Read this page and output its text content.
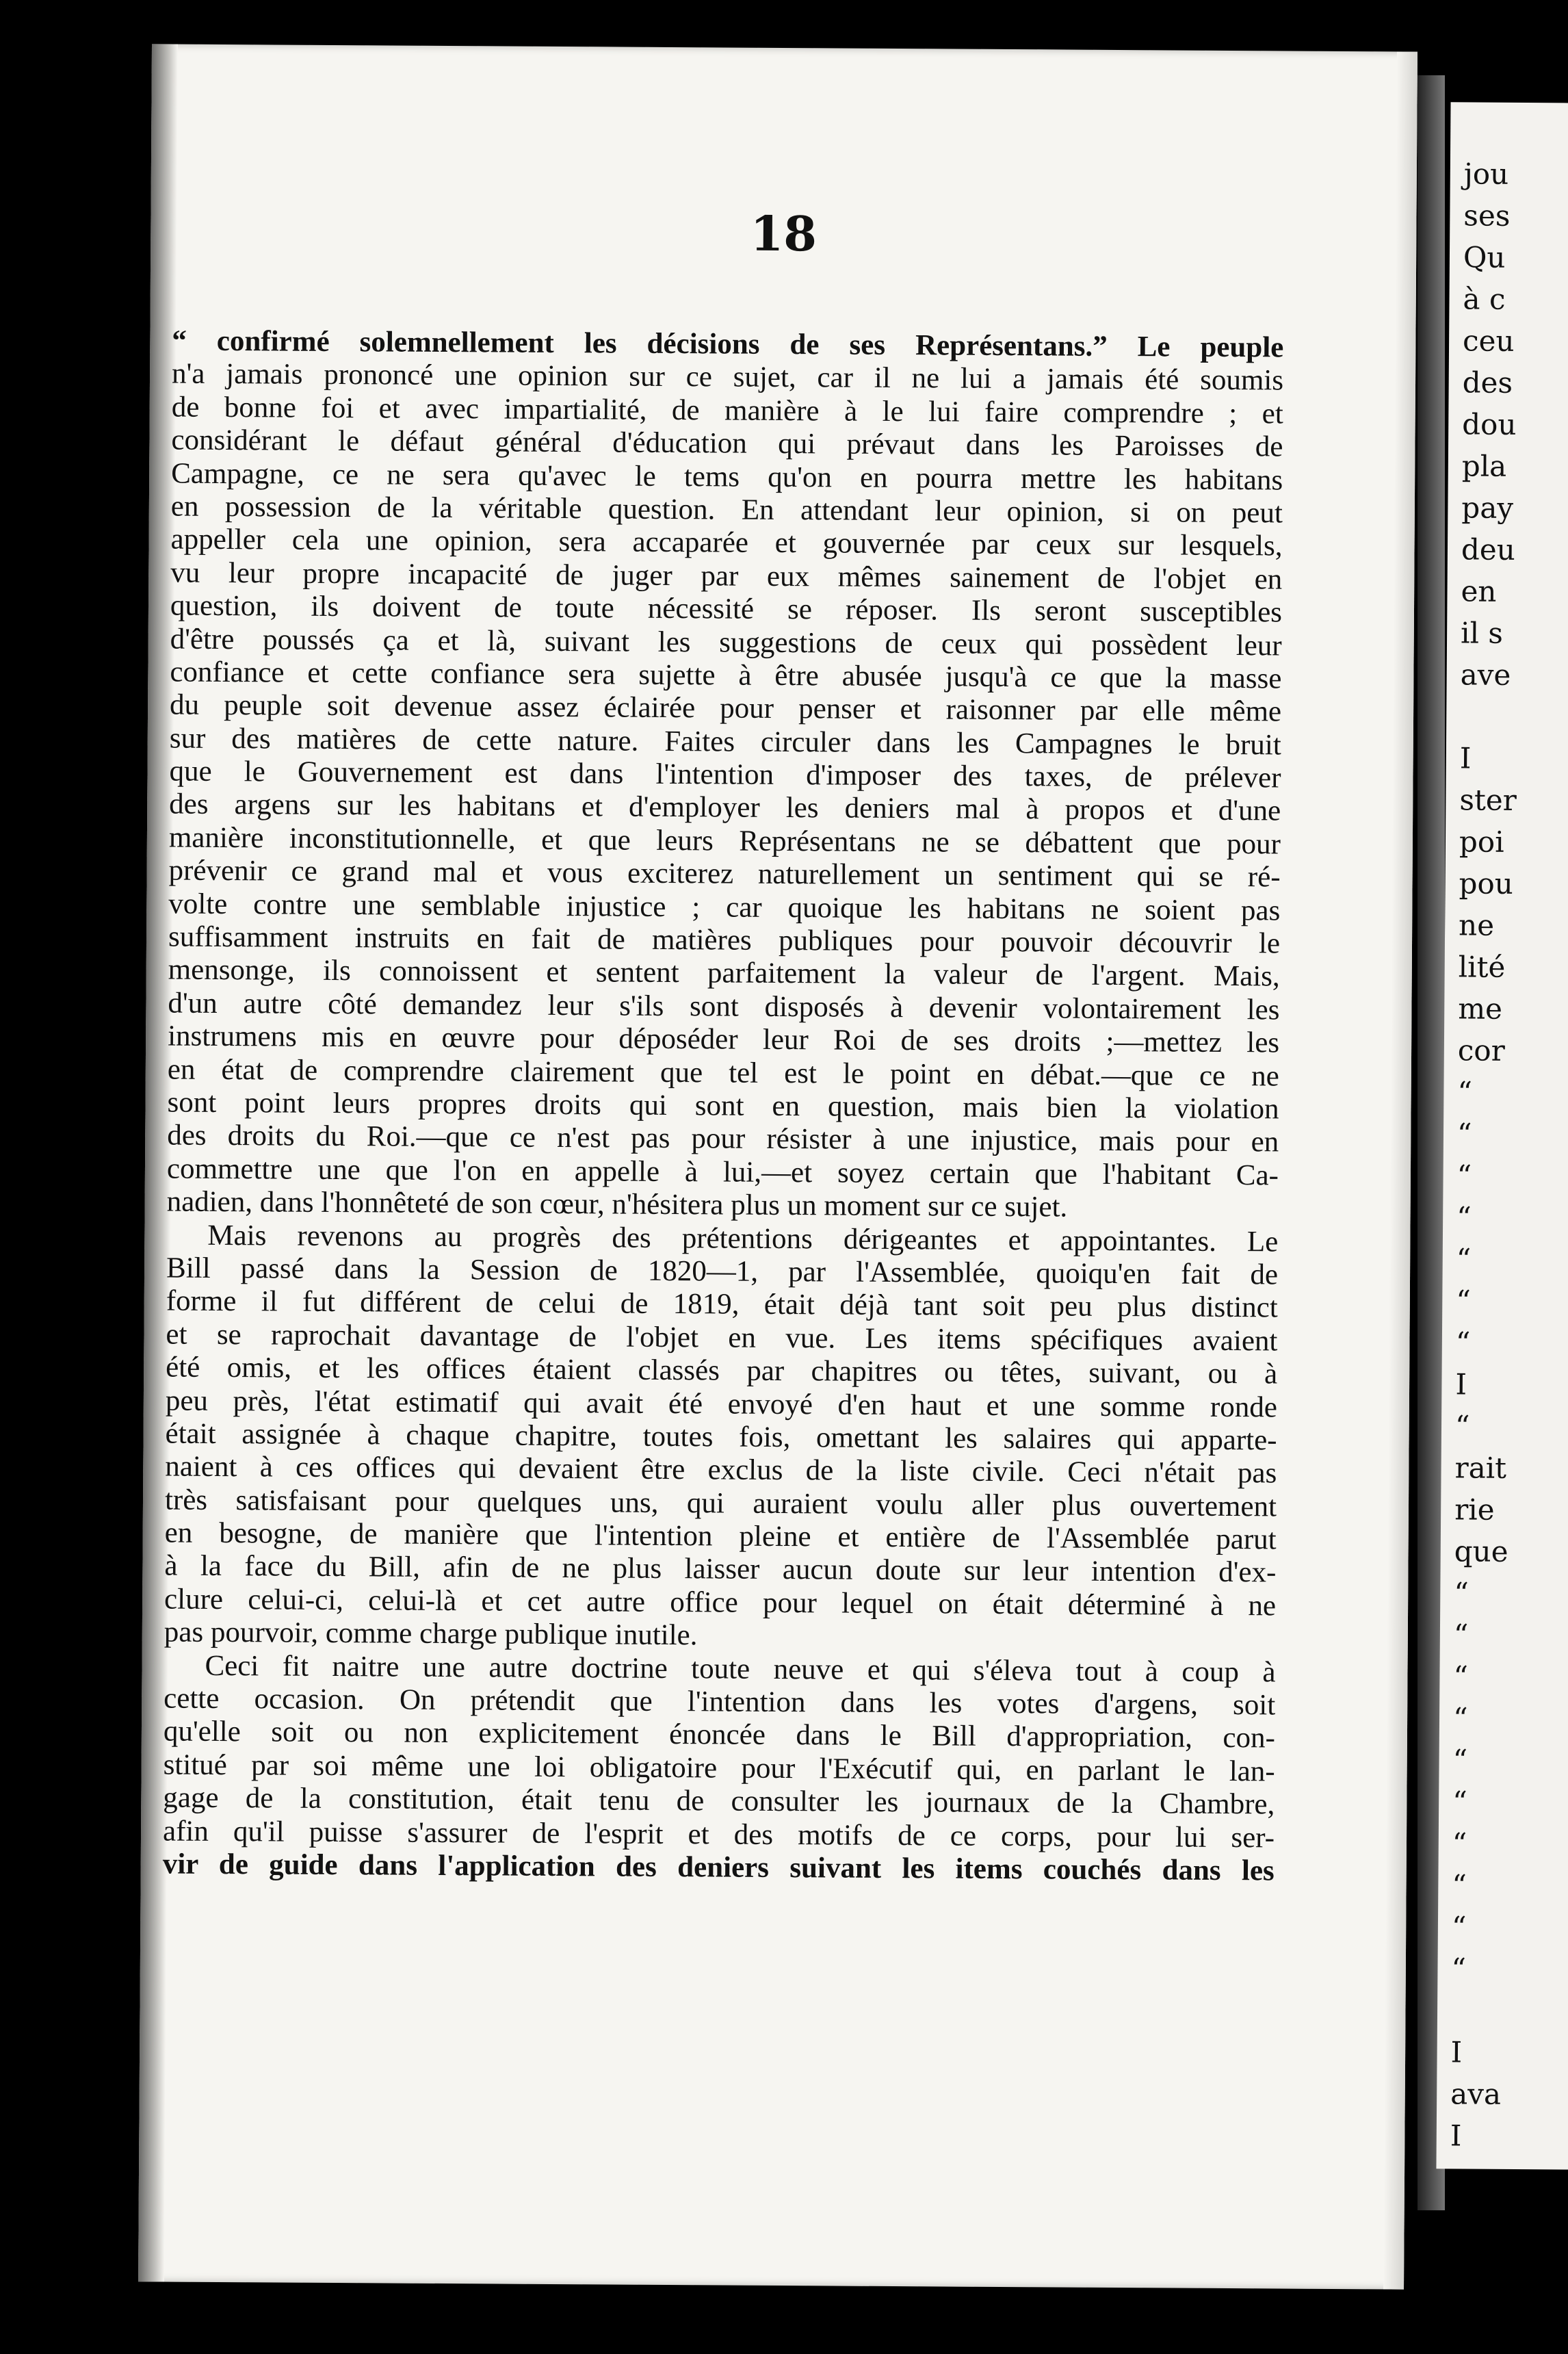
jou
ses
Qu
à c
ceu
des
dou
pla
pay
deu
en
il s
ave
I
ster
poi
pou
ne
lité
me
cor
“
“
“
“
“
“
“
I
“
rait
rie
que
“
“
“
“
“
“
“
“
“
“
I
ava
I
18
“ confirmé solemnellement les décisions de ses Représentans.” Le peuple
n'a jamais prononcé une opinion sur ce sujet, car il ne lui a jamais été soumis
de bonne foi et avec impartialité, de manière à le lui faire comprendre ; et
considérant le défaut général d'éducation qui prévaut dans les Paroisses de
Campagne, ce ne sera qu'avec le tems qu'on en pourra mettre les habitans
en possession de la véritable question. En attendant leur opinion, si on peut
appeller cela une opinion, sera accaparée et gouvernée par ceux sur lesquels,
vu leur propre incapacité de juger par eux mêmes sainement de l'objet en
question, ils doivent de toute nécessité se réposer. Ils seront susceptibles
d'être poussés ça et là, suivant les suggestions de ceux qui possèdent leur
confiance et cette confiance sera sujette à être abusée jusqu'à ce que la masse
du peuple soit devenue assez éclairée pour penser et raisonner par elle même
sur des matières de cette nature. Faites circuler dans les Campagnes le bruit
que le Gouvernement est dans l'intention d'imposer des taxes, de prélever
des argens sur les habitans et d'employer les deniers mal à propos et d'une
manière inconstitutionnelle, et que leurs Représentans ne se débattent que pour
prévenir ce grand mal et vous exciterez naturellement un sentiment qui se ré-
volte contre une semblable injustice ; car quoique les habitans ne soient pas
suffisamment instruits en fait de matières publiques pour pouvoir découvrir le
mensonge, ils connoissent et sentent parfaitement la valeur de l'argent. Mais,
d'un autre côté demandez leur s'ils sont disposés à devenir volontairement les
instrumens mis en œuvre pour déposéder leur Roi de ses droits ;—mettez les
en état de comprendre clairement que tel est le point en débat.—que ce ne
sont point leurs propres droits qui sont en question, mais bien la violation
des droits du Roi.—que ce n'est pas pour résister à une injustice, mais pour en
commettre une que l'on en appelle à lui,—et soyez certain que l'habitant Ca-
nadien, dans l'honnêteté de son cœur, n'hésitera plus un moment sur ce sujet.
Mais revenons au progrès des prétentions dérigeantes et appointantes. Le
Bill passé dans la Session de 1820—1, par l'Assemblée, quoiqu'en fait de
forme il fut différent de celui de 1819, était déjà tant soit peu plus distinct
et se raprochait davantage de l'objet en vue. Les items spécifiques avaient
été omis, et les offices étaient classés par chapitres ou têtes, suivant, ou à
peu près, l'état estimatif qui avait été envoyé d'en haut et une somme ronde
était assignée à chaque chapitre, toutes fois, omettant les salaires qui apparte-
naient à ces offices qui devaient être exclus de la liste civile. Ceci n'était pas
très satisfaisant pour quelques uns, qui auraient voulu aller plus ouvertement
en besogne, de manière que l'intention pleine et entière de l'Assemblée parut
à la face du Bill, afin de ne plus laisser aucun doute sur leur intention d'ex-
clure celui-ci, celui-là et cet autre office pour lequel on était déterminé à ne
pas pourvoir, comme charge publique inutile.
Ceci fit naitre une autre doctrine toute neuve et qui s'éleva tout à coup à
cette occasion. On prétendit que l'intention dans les votes d'argens, soit
qu'elle soit ou non explicitement énoncée dans le Bill d'appropriation, con-
stitué par soi même une loi obligatoire pour l'Exécutif qui, en parlant le lan-
gage de la constitution, était tenu de consulter les journaux de la Chambre,
afin qu'il puisse s'assurer de l'esprit et des motifs de ce corps, pour lui ser-
vir de guide dans l'application des deniers suivant les items couchés dans les
